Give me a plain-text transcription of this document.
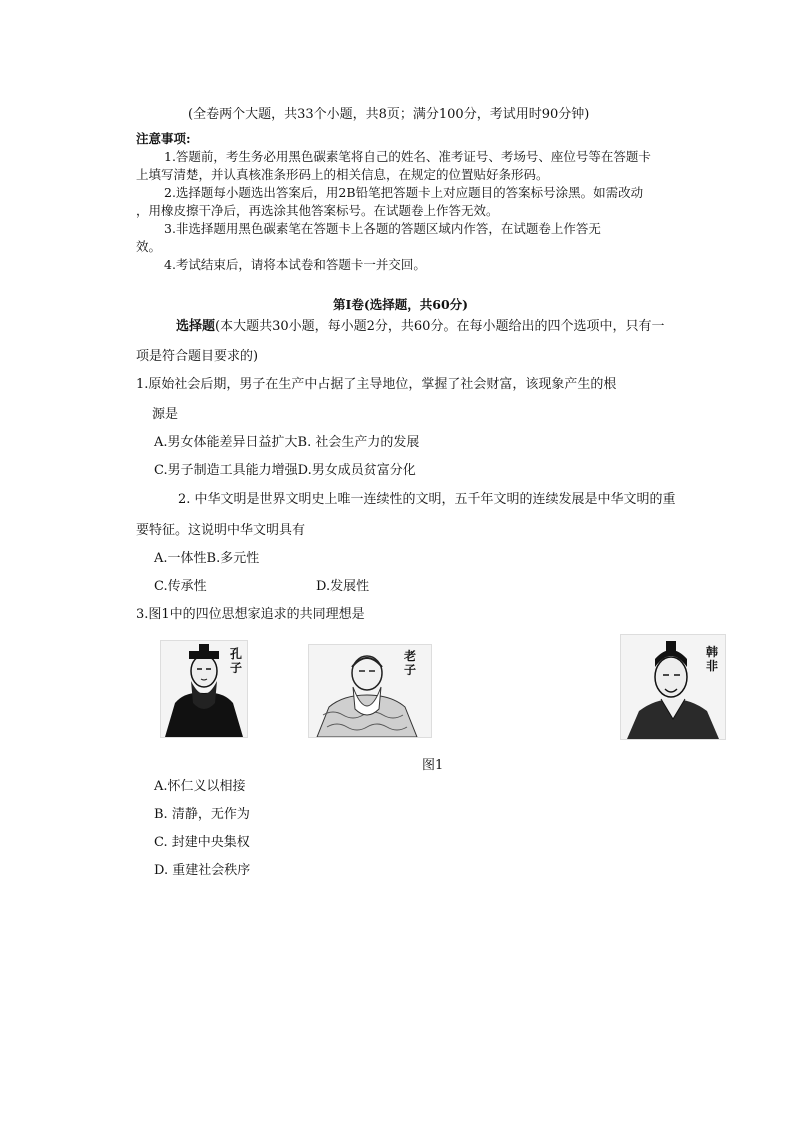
(全卷两个大题，共33个小题，共8页；满分100分，考试用时90分钟)
注意事项:
1.答题前，考生务必用黑色碳素笔将自己的姓名、准考证号、考场号、座位号等在答题卡
上填写清楚，并认真核准条形码上的相关信息，在规定的位置贴好条形码。
2.选择题每小题选出答案后，用2B铅笔把答题卡上对应题目的答案标号涂黑。如需改动
，用橡皮擦干净后，再选涂其他答案标号。在试题卷上作答无效。
3.非选择题用黑色碳素笔在答题卡上各题的答题区域内作答，在试题卷上作答无
效。
4.考试结束后，请将本试卷和答题卡一并交回。
第Ⅰ卷(选择题，共60分)
选择题(本大题共30小题，每小题2分，共60分。在每小题给出的四个选项中，只有一
项是符合题目要求的)
1.原始社会后期，男子在生产中占据了主导地位，掌握了社会财富，该现象产生的根
源是
A.男女体能差异日益扩大B. 社会生产力的发展
C.男子制造工具能力增强D.男女成员贫富分化
2. 中华文明是世界文明史上唯一连续性的文明，五千年文明的连续发展是中华文明的重
要特征。这说明中华文明具有
A.一体性B.多元性
C.传承性	D.发展性
3.图1中的四位思想家追求的共同理想是
孔子
老子
韩非
图1
A.怀仁义以相接
B. 清静，无作为
C. 封建中央集权
D. 重建社会秩序
